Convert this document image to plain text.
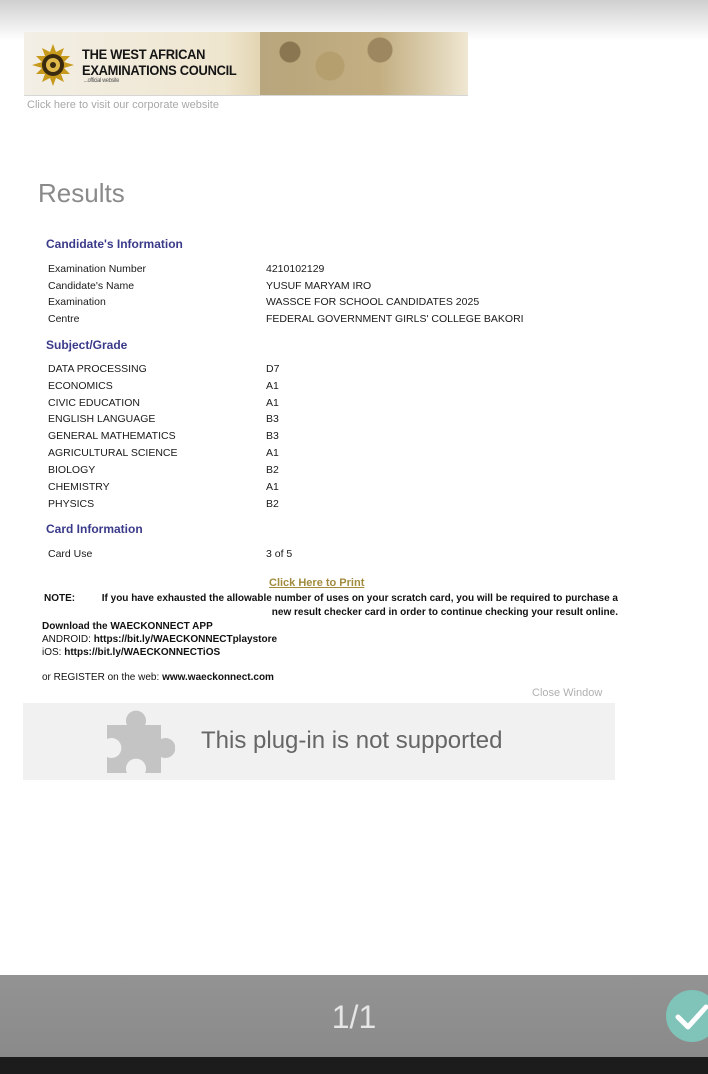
THE WEST AFRICAN
EXAMINATIONS COUNCIL
...official website
Click here to visit our corporate website
Results
Candidate's Information
Examination Number	4210102129
Candidate's Name	YUSUF MARYAM IRO
Examination	WASSCE FOR SCHOOL CANDIDATES 2025
Centre	FEDERAL GOVERNMENT GIRLS' COLLEGE BAKORI
Subject/Grade
DATA PROCESSING	D7
ECONOMICS	A1
CIVIC EDUCATION	A1
ENGLISH LANGUAGE	B3
GENERAL MATHEMATICS	B3
AGRICULTURAL SCIENCE	A1
BIOLOGY	B2
CHEMISTRY	A1
PHYSICS	B2
Card Information
Card Use	3 of 5
Click Here to Print
NOTE:	If you have exhausted the allowable number of uses on your scratch card, you will be required to purchase a
new result checker card in order to continue checking your result online.
Download the WAECKONNECT APP
ANDROID: https://bit.ly/WAECKONNECTplaystore
iOS: https://bit.ly/WAECKONNECTiOS
or REGISTER on the web: www.waeckonnect.com
Close Window
This plug-in is not supported
1/1
